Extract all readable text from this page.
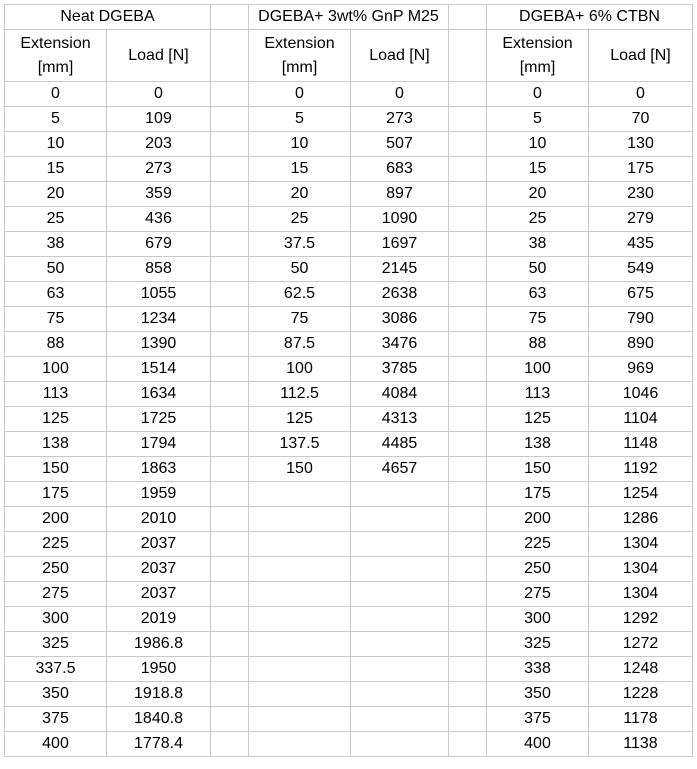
Neat DGEBA			DGEBA+ 3wt% GnP M25			DGEBA+ 6% CTBN	
Extension [mm]	Load [N]		Extension [mm]	Load [N]		Extension [mm]	Load [N]
0	0		0	0		0	0
5	109		5	273		5	70
10	203		10	507		10	130
15	273		15	683		15	175
20	359		20	897		20	230
25	436		25	1090		25	279
38	679		37.5	1697		38	435
50	858		50	2145		50	549
63	1055		62.5	2638		63	675
75	1234		75	3086		75	790
88	1390		87.5	3476		88	890
100	1514		100	3785		100	969
113	1634		112.5	4084		113	1046
125	1725		125	4313		125	1104
138	1794		137.5	4485		138	1148
150	1863		150	4657		150	1192
175	1959					175	1254
200	2010					200	1286
225	2037					225	1304
250	2037					250	1304
275	2037					275	1304
300	2019					300	1292
325	1986.8					325	1272
337.5	1950					338	1248
350	1918.8					350	1228
375	1840.8					375	1178
400	1778.4					400	1138
